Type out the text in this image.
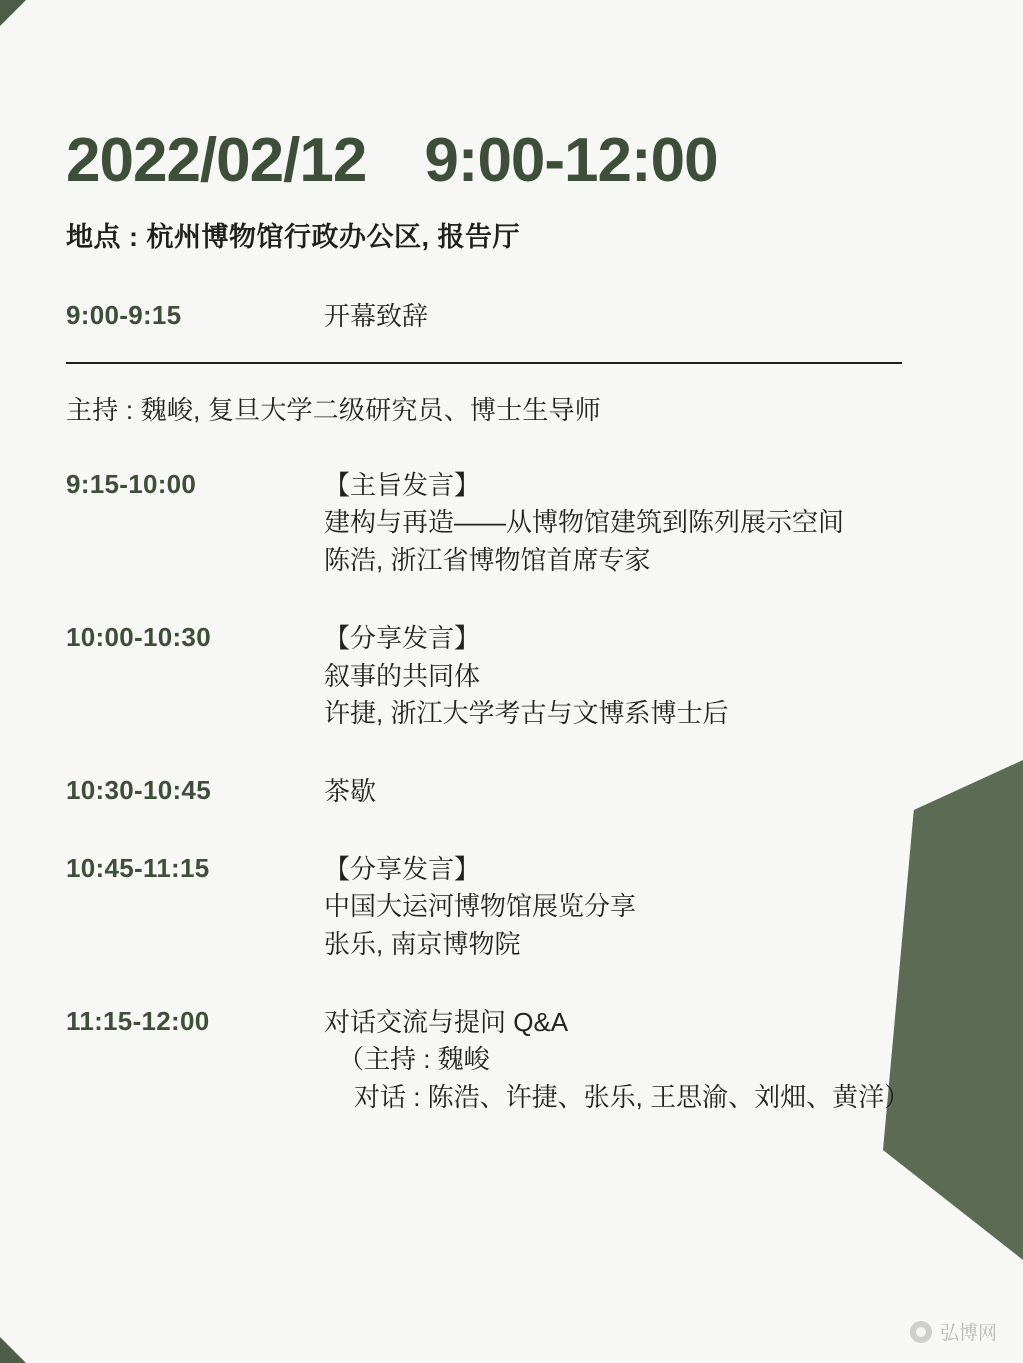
2022/02/12 9:00-12:00
地点 : 杭州博物馆行政办公区, 报告厅
9:00-9:15	开幕致辞
主持 : 魏峻, 复旦大学二级研究员、博士生导师
9:15-10:00	【主旨发言】
建构与再造——从博物馆建筑到陈列展示空间
陈浩, 浙江省博物馆首席专家
10:00-10:30	【分享发言】
叙事的共同体
许捷, 浙江大学考古与文博系博士后
10:30-10:45	茶歇
10:45-11:15	【分享发言】
中国大运河博物馆展览分享
张乐, 南京博物院
11:15-12:00	对话交流与提问 Q&A
（主持 : 魏峻
对话 : 陈浩、许捷、张乐, 王思渝、刘畑、黄洋）
弘博网
